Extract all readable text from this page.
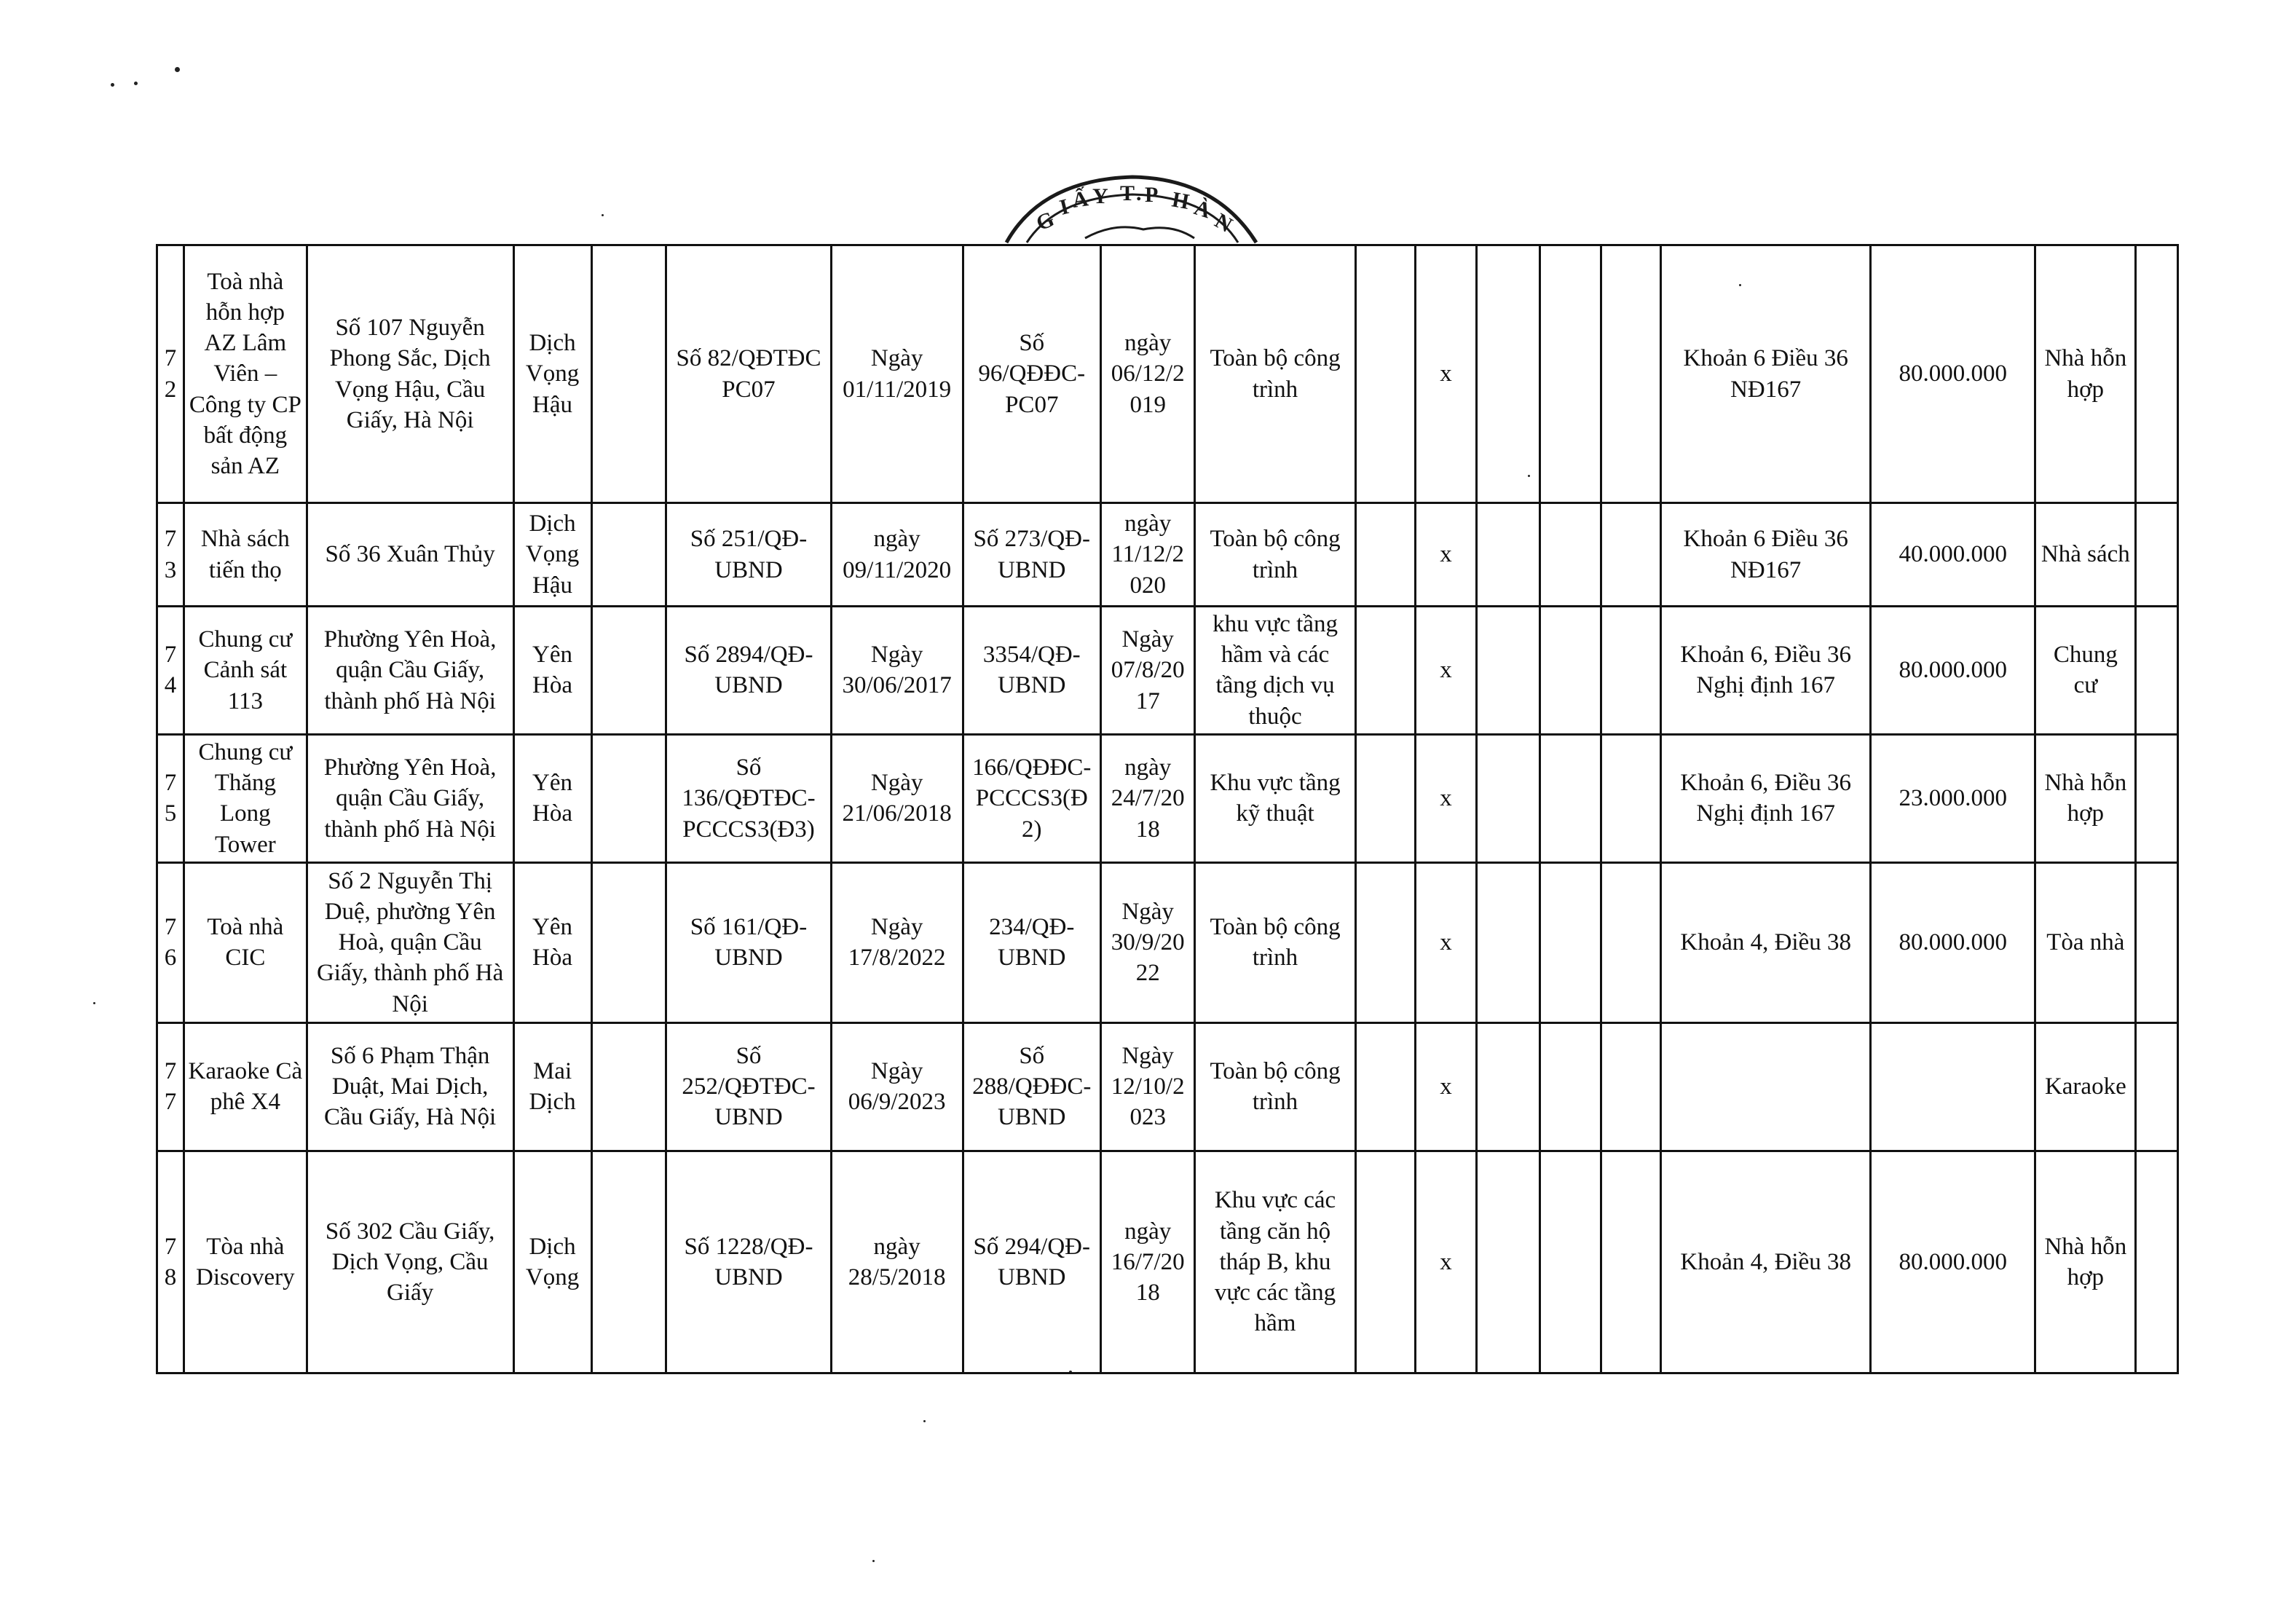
G I Ấ Y T . P H À
N
72	Toà nhà hỗn hợp AZ Lâm Viên – Công ty CP bất động sản AZ	Số 107 Nguyễn Phong Sắc, Dịch Vọng Hậu, Cầu Giấy, Hà Nội	Dịch Vọng Hậu		Số 82/QĐTĐC PC07	Ngày 01/11/2019	Số 96/QĐĐC-PC07	ngày 06/12/2 019	Toàn bộ công trình		x				Khoản 6 Điều 36 NĐ167	80.000.000	Nhà hỗn hợp	
73	Nhà sách tiến thọ	Số 36 Xuân Thủy	Dịch Vọng Hậu		Số 251/QĐ-UBND	ngày 09/11/2020	Số 273/QĐ-UBND	ngày 11/12/2 020	Toàn bộ công trình		x				Khoản 6 Điều 36 NĐ167	40.000.000	Nhà sách	
74	Chung cư Cảnh sát 113	Phường Yên Hoà, quận Cầu Giấy, thành phố Hà Nội	Yên Hòa		Số 2894/QĐ-UBND	Ngày 30/06/2017	3354/QĐ-UBND	Ngày 07/8/20 17	khu vực tầng hầm và các tầng dịch vụ thuộc		x				Khoản 6, Điều 36 Nghị định 167	80.000.000	Chung cư	
75	Chung cư Thăng Long Tower	Phường Yên Hoà, quận Cầu Giấy, thành phố Hà Nội	Yên Hòa		Số 136/QĐTĐC-PCCCS3(Đ3)	Ngày 21/06/2018	166/QĐĐC-PCCCS3(Đ 2)	ngày 24/7/20 18	Khu vực tầng kỹ thuật		x				Khoản 6, Điều 36 Nghị định 167	23.000.000	Nhà hỗn hợp	
76	Toà nhà CIC	Số 2 Nguyễn Thị Duệ, phường Yên Hoà, quận Cầu Giấy, thành phố Hà Nội	Yên Hòa		Số 161/QĐ-UBND	Ngày 17/8/2022	234/QĐ-UBND	Ngày 30/9/20 22	Toàn bộ công trình		x				Khoản 4, Điều 38	80.000.000	Tòa nhà	
77	Karaoke Cà phê X4	Số 6 Phạm Thận Duật, Mai Dịch, Cầu Giấy, Hà Nội	Mai Dịch		Số 252/QĐTĐC-UBND	Ngày 06/9/2023	Số 288/QĐĐC-UBND	Ngày 12/10/2 023	Toàn bộ công trình		x						Karaoke	
78	Tòa nhà Discovery	Số 302 Cầu Giấy, Dịch Vọng, Cầu Giấy	Dịch Vọng		Số 1228/QĐ-UBND	ngày 28/5/2018	Số 294/QĐ-UBND	ngày 16/7/20 18	Khu vực các tầng căn hộ tháp B, khu vực các tầng hầm		x				Khoản 4, Điều 38	80.000.000	Nhà hỗn hợp	
